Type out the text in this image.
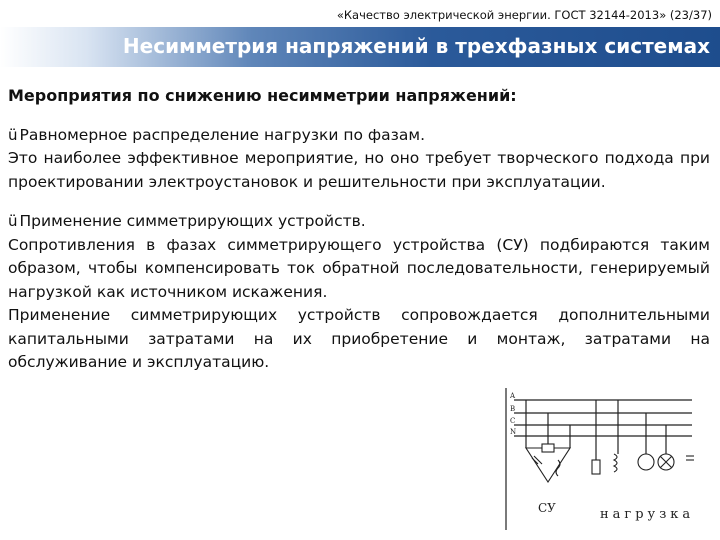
«Качество электрической энергии. ГОСТ 32144-2013» (23/37)
Несимметрия напряжений в трехфазных системах
Мероприятия по снижению несимметрии напряжений:
ü Равномерное распределение нагрузки по фазам.
Это наиболее эффективное мероприятие, но оно требует творческого подхода при проектировании электроустановок и решительности при эксплуатации.
ü Применение симметрирующих устройств.
Сопротивления в фазах симметрирующего устройства (СУ) подбираются таким образом, чтобы компенсировать ток обратной последовательности, генерируемый нагрузкой как источником искажения.
Применение симметрирующих устройств сопровождается дополнительными капитальными затратами на их приобретение и монтаж, затратами на обслуживание и эксплуатацию.
A
B
C
N
СУ	нагрузка
